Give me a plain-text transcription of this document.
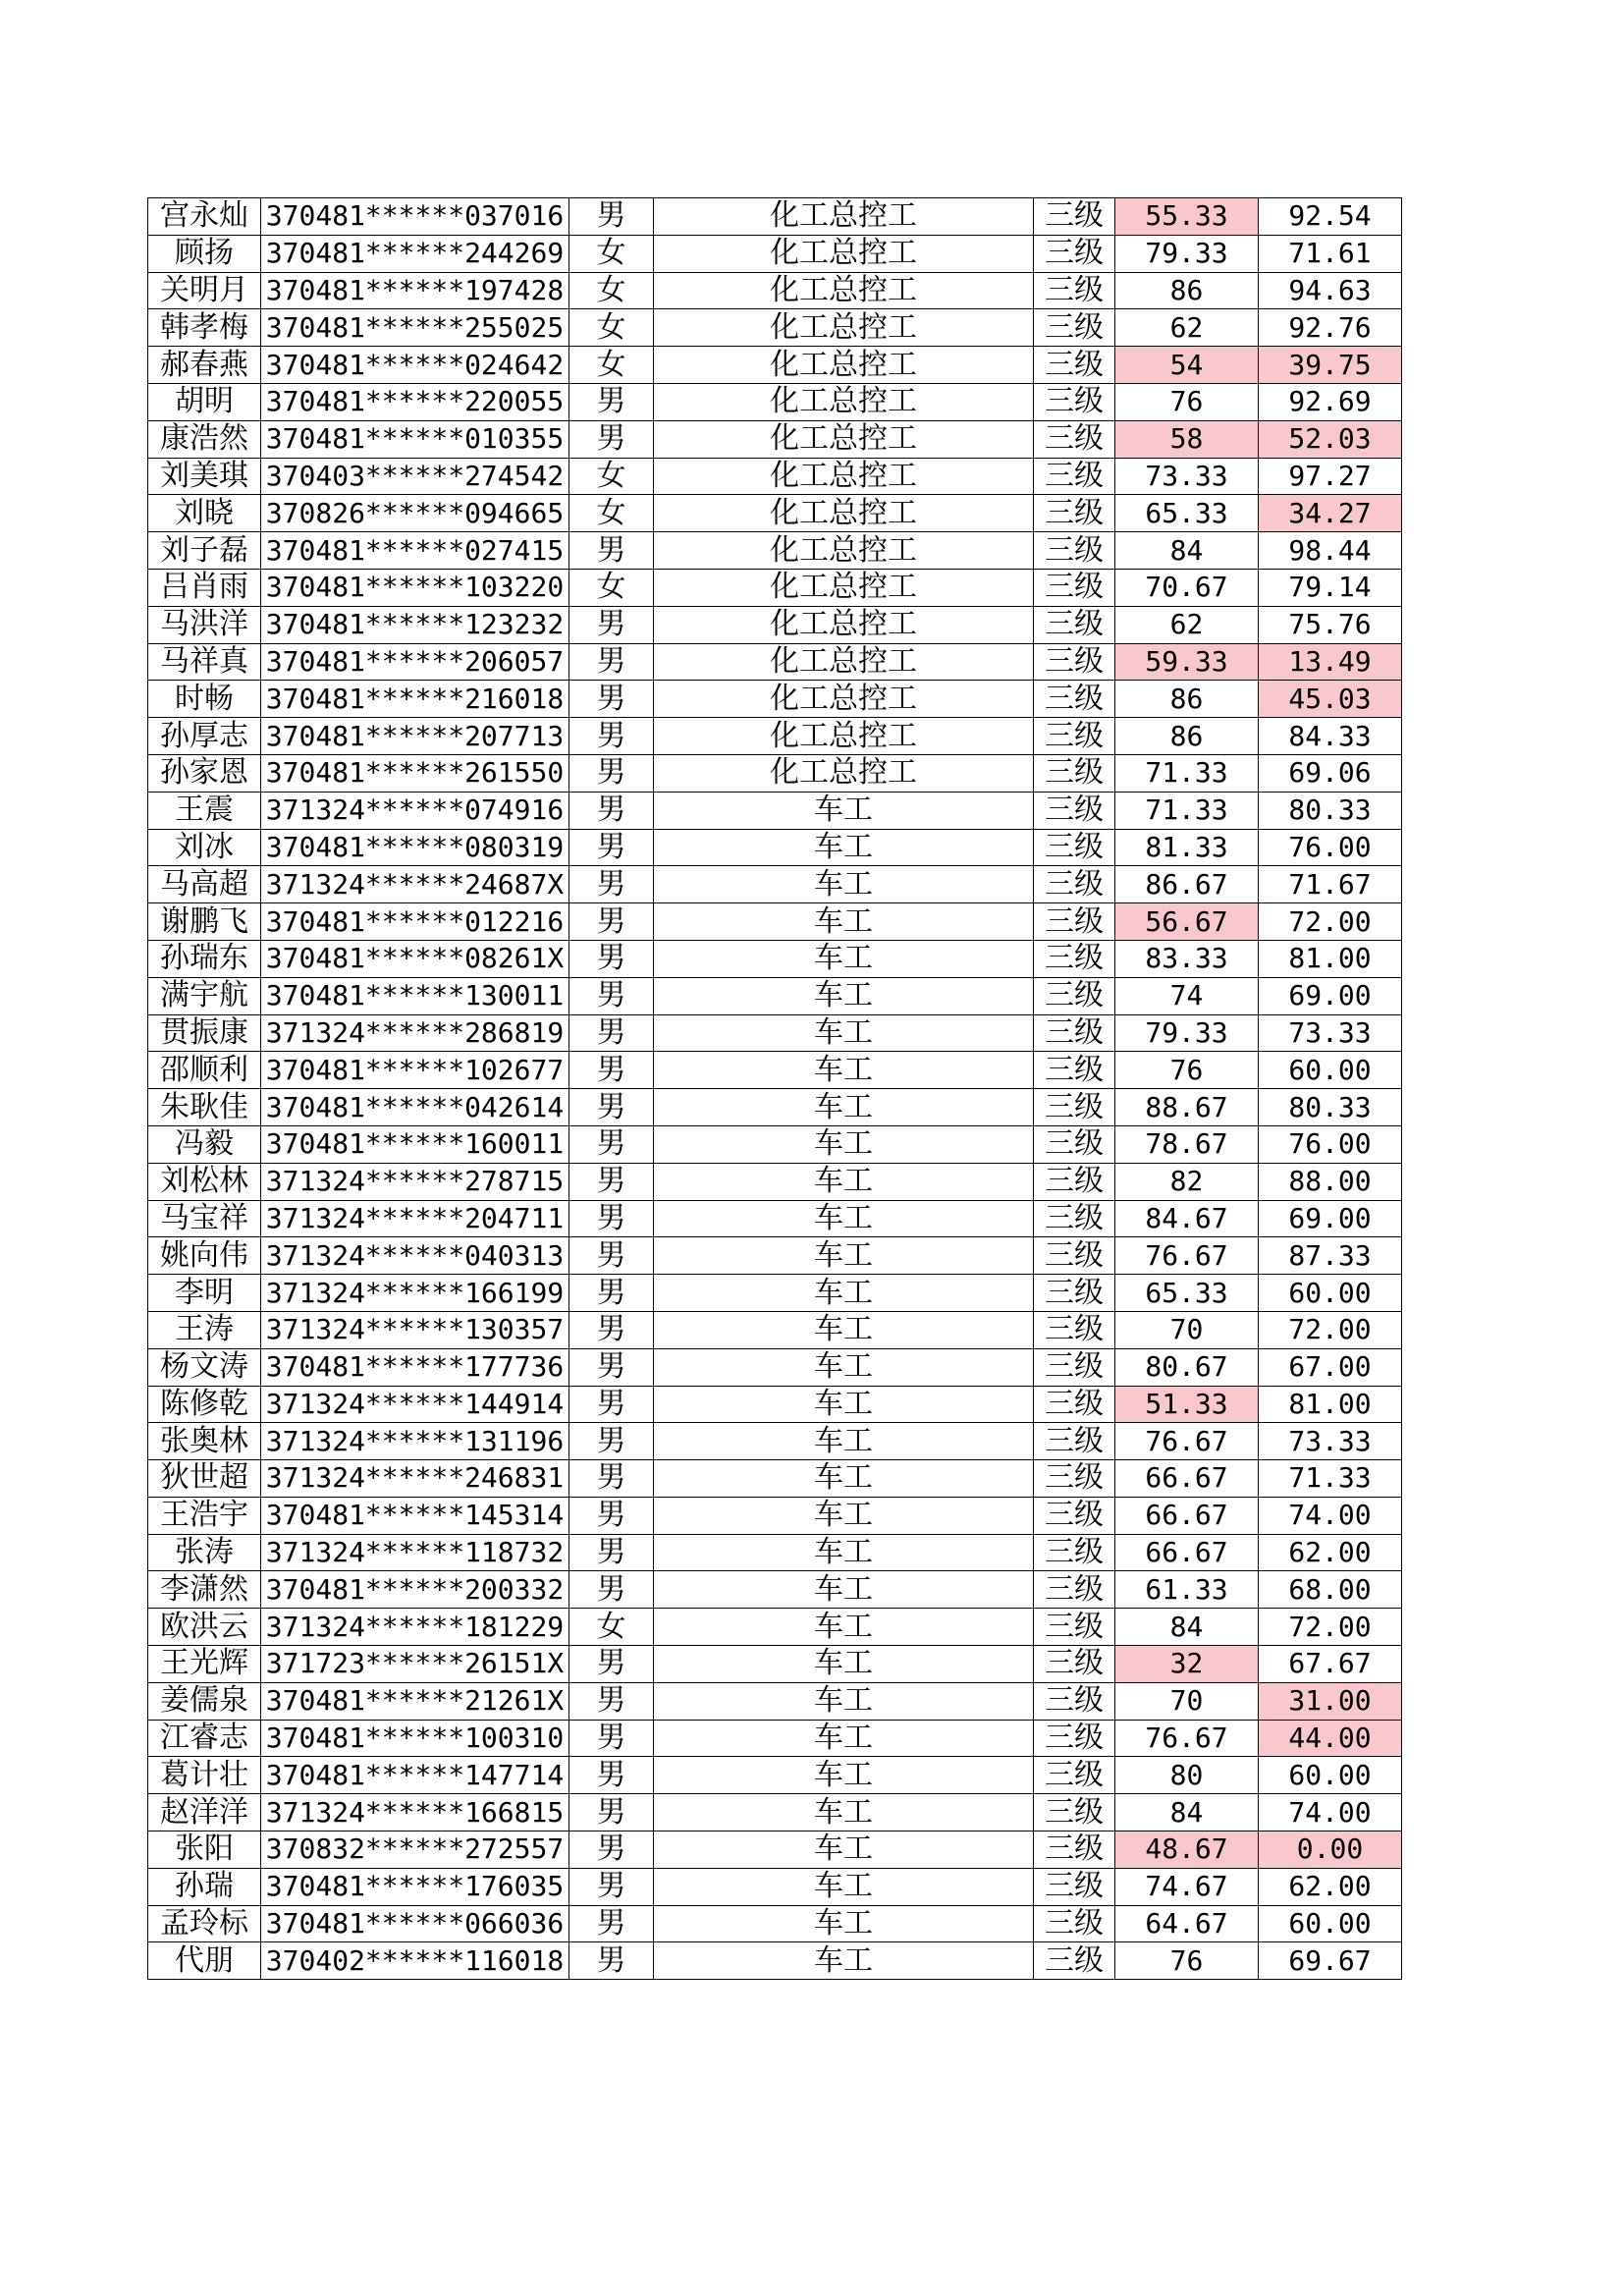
宫永灿	370481******037016	男	化工总控工	三级	55.33	92.54
顾扬	370481******244269	女	化工总控工	三级	79.33	71.61
关明月	370481******197428	女	化工总控工	三级	86	94.63
韩孝梅	370481******255025	女	化工总控工	三级	62	92.76
郝春燕	370481******024642	女	化工总控工	三级	54	39.75
胡明	370481******220055	男	化工总控工	三级	76	92.69
康浩然	370481******010355	男	化工总控工	三级	58	52.03
刘美琪	370403******274542	女	化工总控工	三级	73.33	97.27
刘晓	370826******094665	女	化工总控工	三级	65.33	34.27
刘子磊	370481******027415	男	化工总控工	三级	84	98.44
吕肖雨	370481******103220	女	化工总控工	三级	70.67	79.14
马洪洋	370481******123232	男	化工总控工	三级	62	75.76
马祥真	370481******206057	男	化工总控工	三级	59.33	13.49
时畅	370481******216018	男	化工总控工	三级	86	45.03
孙厚志	370481******207713	男	化工总控工	三级	86	84.33
孙家恩	370481******261550	男	化工总控工	三级	71.33	69.06
王震	371324******074916	男	车工	三级	71.33	80.33
刘冰	370481******080319	男	车工	三级	81.33	76.00
马高超	371324******24687X	男	车工	三级	86.67	71.67
谢鹏飞	370481******012216	男	车工	三级	56.67	72.00
孙瑞东	370481******08261X	男	车工	三级	83.33	81.00
满宇航	370481******130011	男	车工	三级	74	69.00
贯振康	371324******286819	男	车工	三级	79.33	73.33
邵顺利	370481******102677	男	车工	三级	76	60.00
朱耿佳	370481******042614	男	车工	三级	88.67	80.33
冯毅	370481******160011	男	车工	三级	78.67	76.00
刘松林	371324******278715	男	车工	三级	82	88.00
马宝祥	371324******204711	男	车工	三级	84.67	69.00
姚向伟	371324******040313	男	车工	三级	76.67	87.33
李明	371324******166199	男	车工	三级	65.33	60.00
王涛	371324******130357	男	车工	三级	70	72.00
杨文涛	370481******177736	男	车工	三级	80.67	67.00
陈修乾	371324******144914	男	车工	三级	51.33	81.00
张奥林	371324******131196	男	车工	三级	76.67	73.33
狄世超	371324******246831	男	车工	三级	66.67	71.33
王浩宇	370481******145314	男	车工	三级	66.67	74.00
张涛	371324******118732	男	车工	三级	66.67	62.00
李潇然	370481******200332	男	车工	三级	61.33	68.00
欧洪云	371324******181229	女	车工	三级	84	72.00
王光辉	371723******26151X	男	车工	三级	32	67.67
姜儒泉	370481******21261X	男	车工	三级	70	31.00
江睿志	370481******100310	男	车工	三级	76.67	44.00
葛计壮	370481******147714	男	车工	三级	80	60.00
赵洋洋	371324******166815	男	车工	三级	84	74.00
张阳	370832******272557	男	车工	三级	48.67	0.00
孙瑞	370481******176035	男	车工	三级	74.67	62.00
孟玲标	370481******066036	男	车工	三级	64.67	60.00
代朋	370402******116018	男	车工	三级	76	69.67
